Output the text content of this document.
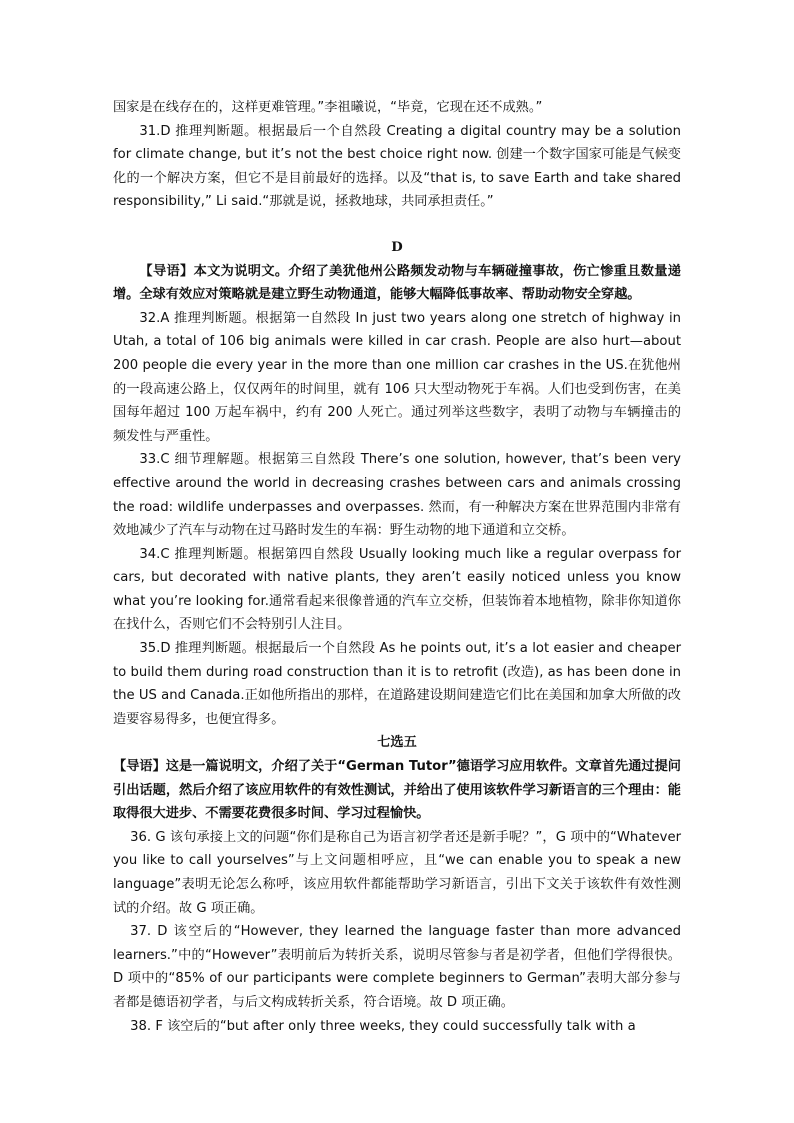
国家是在线存在的，这样更难管理。”李祖曦说，“毕竟，它现在还不成熟。”

31.D 推理判断题。根据最后一个自然段 Creating a digital country may be a solution for climate change, but it’s not the best choice right now. 创建一个数字国家可能是气候变化的一个解决方案，但它不是目前最好的选择。以及“that is, to save Earth and take shared responsibility,” Li said.“那就是说，拯救地球，共同承担责任。”

D

【导语】本文为说明文。介绍了美犹他州公路频发动物与车辆碰撞事故，伤亡惨重且数量递增。全球有效应对策略就是建立野生动物通道，能够大幅降低事故率、帮助动物安全穿越。

32.A 推理判断题。根据第一自然段 In just two years along one stretch of highway in Utah, a total of 106 big animals were killed in car crash. People are also hurt—about 200 people die every year in the more than one million car crashes in the US.在犹他州的一段高速公路上，仅仅两年的时间里，就有 106 只大型动物死于车祸。人们也受到伤害，在美国每年超过 100 万起车祸中，约有 200 人死亡。通过列举这些数字，表明了动物与车辆撞击的频发性与严重性。

33.C 细节理解题。根据第三自然段 There’s one solution, however, that’s been very effective around the world in decreasing crashes between cars and animals crossing the road: wildlife underpasses and overpasses. 然而，有一种解决方案在世界范围内非常有效地减少了汽车与动物在过马路时发生的车祸：野生动物的地下通道和立交桥。

34.C 推理判断题。根据第四自然段 Usually looking much like a regular overpass for cars, but decorated with native plants, they aren’t easily noticed unless you know what you’re looking for.通常看起来很像普通的汽车立交桥，但装饰着本地植物，除非你知道你在找什么，否则它们不会特别引人注目。

35.D 推理判断题。根据最后一个自然段 As he points out, it’s a lot easier and cheaper to build them during road construction than it is to retrofit (改造), as has been done in the US and Canada.正如他所指出的那样，在道路建设期间建造它们比在美国和加拿大所做的改造要容易得多，也便宜得多。

七选五

【导语】这是一篇说明文，介绍了关于“German Tutor”德语学习应用软件。文章首先通过提问引出话题，然后介绍了该应用软件的有效性测试，并给出了使用该软件学习新语言的三个理由：能取得很大进步、不需要花费很多时间、学习过程愉快。

36. G 该句承接上文的问题“你们是称自己为语言初学者还是新手呢？”，G 项中的“Whatever you like to call yourselves”与上文问题相呼应，且“we can enable you to speak a new language”表明无论怎么称呼，该应用软件都能帮助学习新语言，引出下文关于该软件有效性测试的介绍。故 G 项正确。

37. D 该空后的“However, they learned the language faster than more advanced learners.”中的“However”表明前后为转折关系，说明尽管参与者是初学者，但他们学得很快。D 项中的“85% of our participants were complete beginners to German”表明大部分参与者都是德语初学者，与后文构成转折关系，符合语境。故 D 项正确。

38. F 该空后的“but after only three weeks, they could successfully talk with a
